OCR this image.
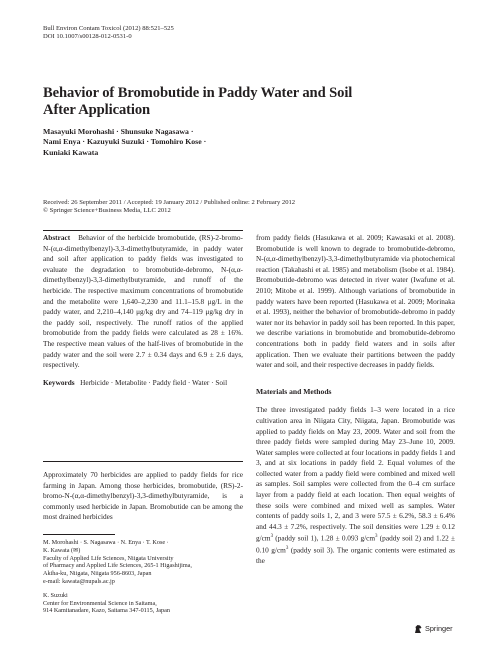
Bull Environ Contam Toxicol (2012) 88:521–525
DOI 10.1007/s00128-012-0531-0
Behavior of Bromobutide in Paddy Water and Soil After Application
Masayuki Morohashi · Shunsuke Nagasawa ·
Nami Enya · Kazuyuki Suzuki · Tomohiro Kose ·
Kuniaki Kawata
Received: 26 September 2011 / Accepted: 19 January 2012 / Published online: 2 February 2012
© Springer Science+Business Media, LLC 2012

Abstract Behavior of the herbicide bromobutide, (RS)-2-bromo-N-(α,α-dimethylbenzyl)-3,3-dimethylbutyramide, in paddy water and soil after application to paddy fields was investigated to evaluate the degradation to bromobutide-debromo, N-(α,α-dimethylbenzyl)-3,3-dimethylbutyramide, and runoff of the herbicide. The respective maximum concentrations of bromobutide and the metabolite were 1,640–2,230 and 11.1–15.8 μg/L in the paddy water, and 2,210–4,140 μg/kg dry and 74–119 μg/kg dry in the paddy soil, respectively. The runoff ratios of the applied bromobutide from the paddy fields were calculated as 28 ± 16%. The respective mean values of the half-lives of bromobutide in the paddy water and the soil were 2.7 ± 0.34 days and 6.9 ± 2.6 days, respectively.

Keywords Herbicide · Metabolite · Paddy field · Water · Soil

Approximately 70 herbicides are applied to paddy fields for rice farming in Japan. Among those herbicides, bromobutide, (RS)-2-bromo-N-(α,α-dimethylbenzyl)-3,3-dimethylbutyramide, is a commonly used herbicide in Japan. Bromobutide can be among the most drained herbicides

M. Morohashi · S. Nagasawa · N. Enya · T. Kose ·

K. Kawata (✉)

Faculty of Applied Life Sciences, Niigata University

of Pharmacy and Applied Life Sciences, 265-1 Higashijima,

Akiha-ku, Niigata, Niigata 956-8603, Japan

e-mail: kawata@nupals.ac.jp

K. Suzuki

Center for Environmental Science in Saitama,

914 Kamitanadare, Kazo, Saitama 347-0115, Japan

from paddy fields (Hasukawa et al. 2009; Kawasaki et al. 2008). Bromobutide is well known to degrade to bromobutide-debromo, N-(α,α-dimethylbenzyl)-3,3-dimethylbutyramide via photochemical reaction (Takahashi et al. 1985) and metabolism (Isobe et al. 1984). Bromobutide-debromo was detected in river water (Iwafune et al. 2010; Mitobe et al. 1999). Although variations of bromobutide in paddy waters have been reported (Hasukawa et al. 2009; Morinaka et al. 1993), neither the behavior of bromobutide-debromo in paddy water nor its behavior in paddy soil has been reported. In this paper, we describe variations in bromobutide and bromobutide-debromo concentrations both in paddy field waters and in soils after application. Then we evaluate their partitions between the paddy water and soil, and their respective decreases in paddy fields.

Materials and Methods

The three investigated paddy fields 1–3 were located in a rice cultivation area in Niigata City, Niigata, Japan. Bromobutide was applied to paddy fields on May 23, 2009. Water and soil from the three paddy fields were sampled during May 23–June 10, 2009. Water samples were collected at four locations in paddy fields 1 and 3, and at six locations in paddy field 2. Equal volumes of the collected water from a paddy field were combined and mixed well as samples. Soil samples were collected from the 0–4 cm surface layer from a paddy field at each location. Then equal weights of these soils were combined and mixed well as samples. Water contents of paddy soils 1, 2, and 3 were 57.5 ± 6.2%, 58.3 ± 6.4% and 44.3 ± 7.2%, respectively. The soil densities were 1.29 ± 0.12 $g/cm^3$ (paddy soil 1), 1.28 ± 0.093 $g/cm^3$ (paddy soil 2) and 1.22 ± 0.10 $g/cm^3$ (paddy soil 3). The organic contents were estimated as the

Springer
